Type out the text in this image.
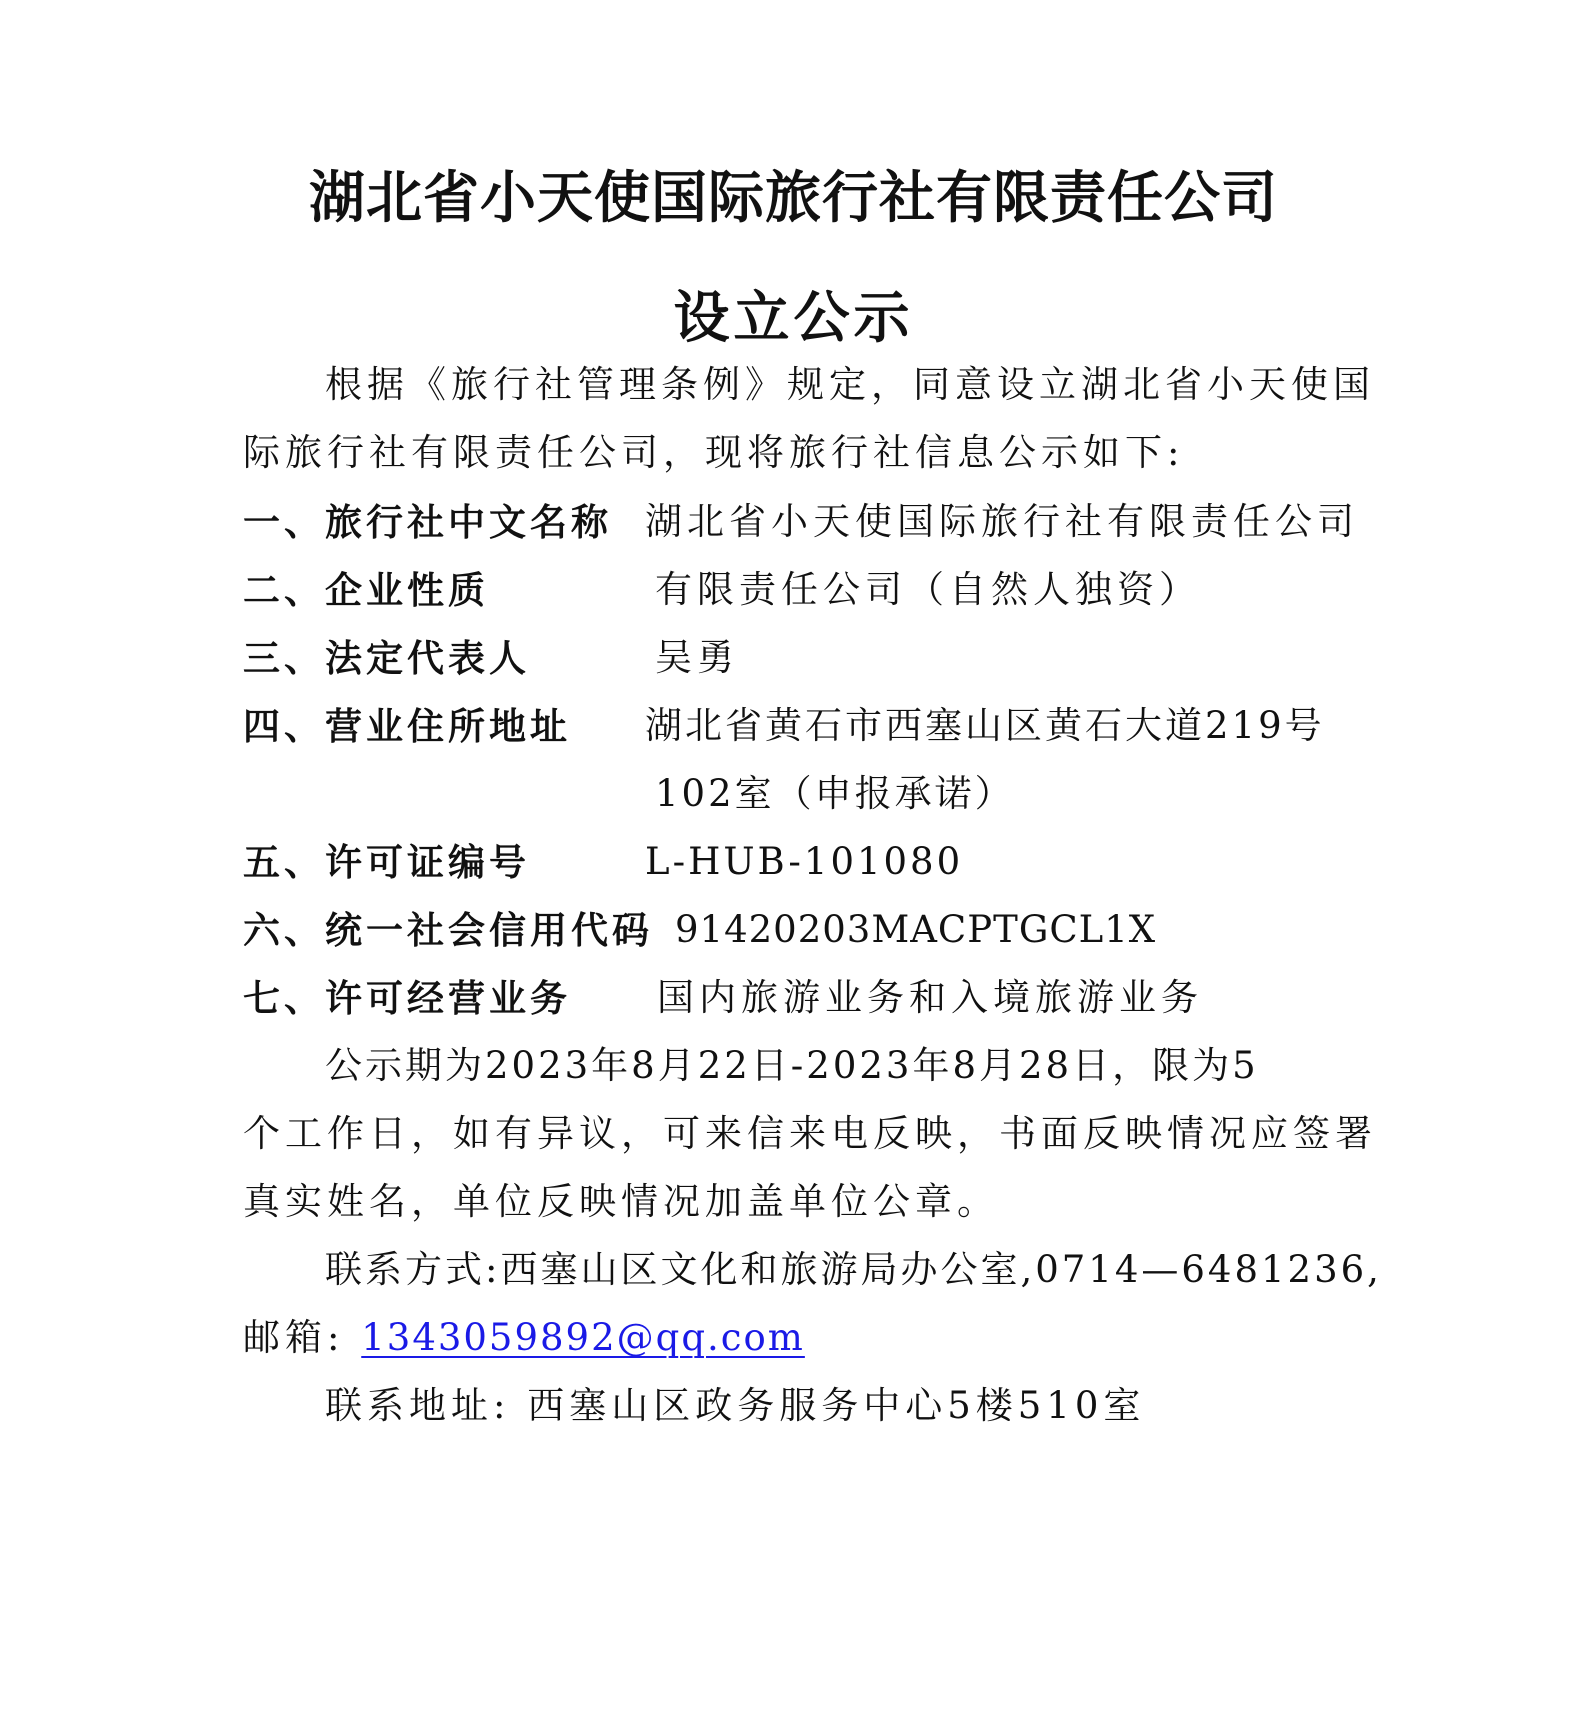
湖北省小天使国际旅行社有限责任公司
设立公示
根据《旅行社管理条例》规定，同意设立湖北省小天使国
际旅行社有限责任公司，现将旅行社信息公示如下:
一、旅行社中文名称 湖北省小天使国际旅行社有限责任公司
二、企业性质	有限责任公司（自然人独资）
三、法定代表人	吴勇
四、营业住所地址 湖北省黄石市西塞山区黄石大道219号
102室（申报承诺）
五、许可证编号	L-HUB-101080
六、统一社会信用代码 91420203MACPTGCL1X
七、许可经营业务 国内旅游业务和入境旅游业务
公示期为2023年8月22日-2023年8月28日，限为5
个工作日，如有异议，可来信来电反映，书面反映情况应签署
真实姓名，单位反映情况加盖单位公章。
联系方式:西塞山区文化和旅游局办公室,0714—6481236,
邮箱: 1343059892@qq.com
联系地址: 西塞山区政务服务中心5楼510室
